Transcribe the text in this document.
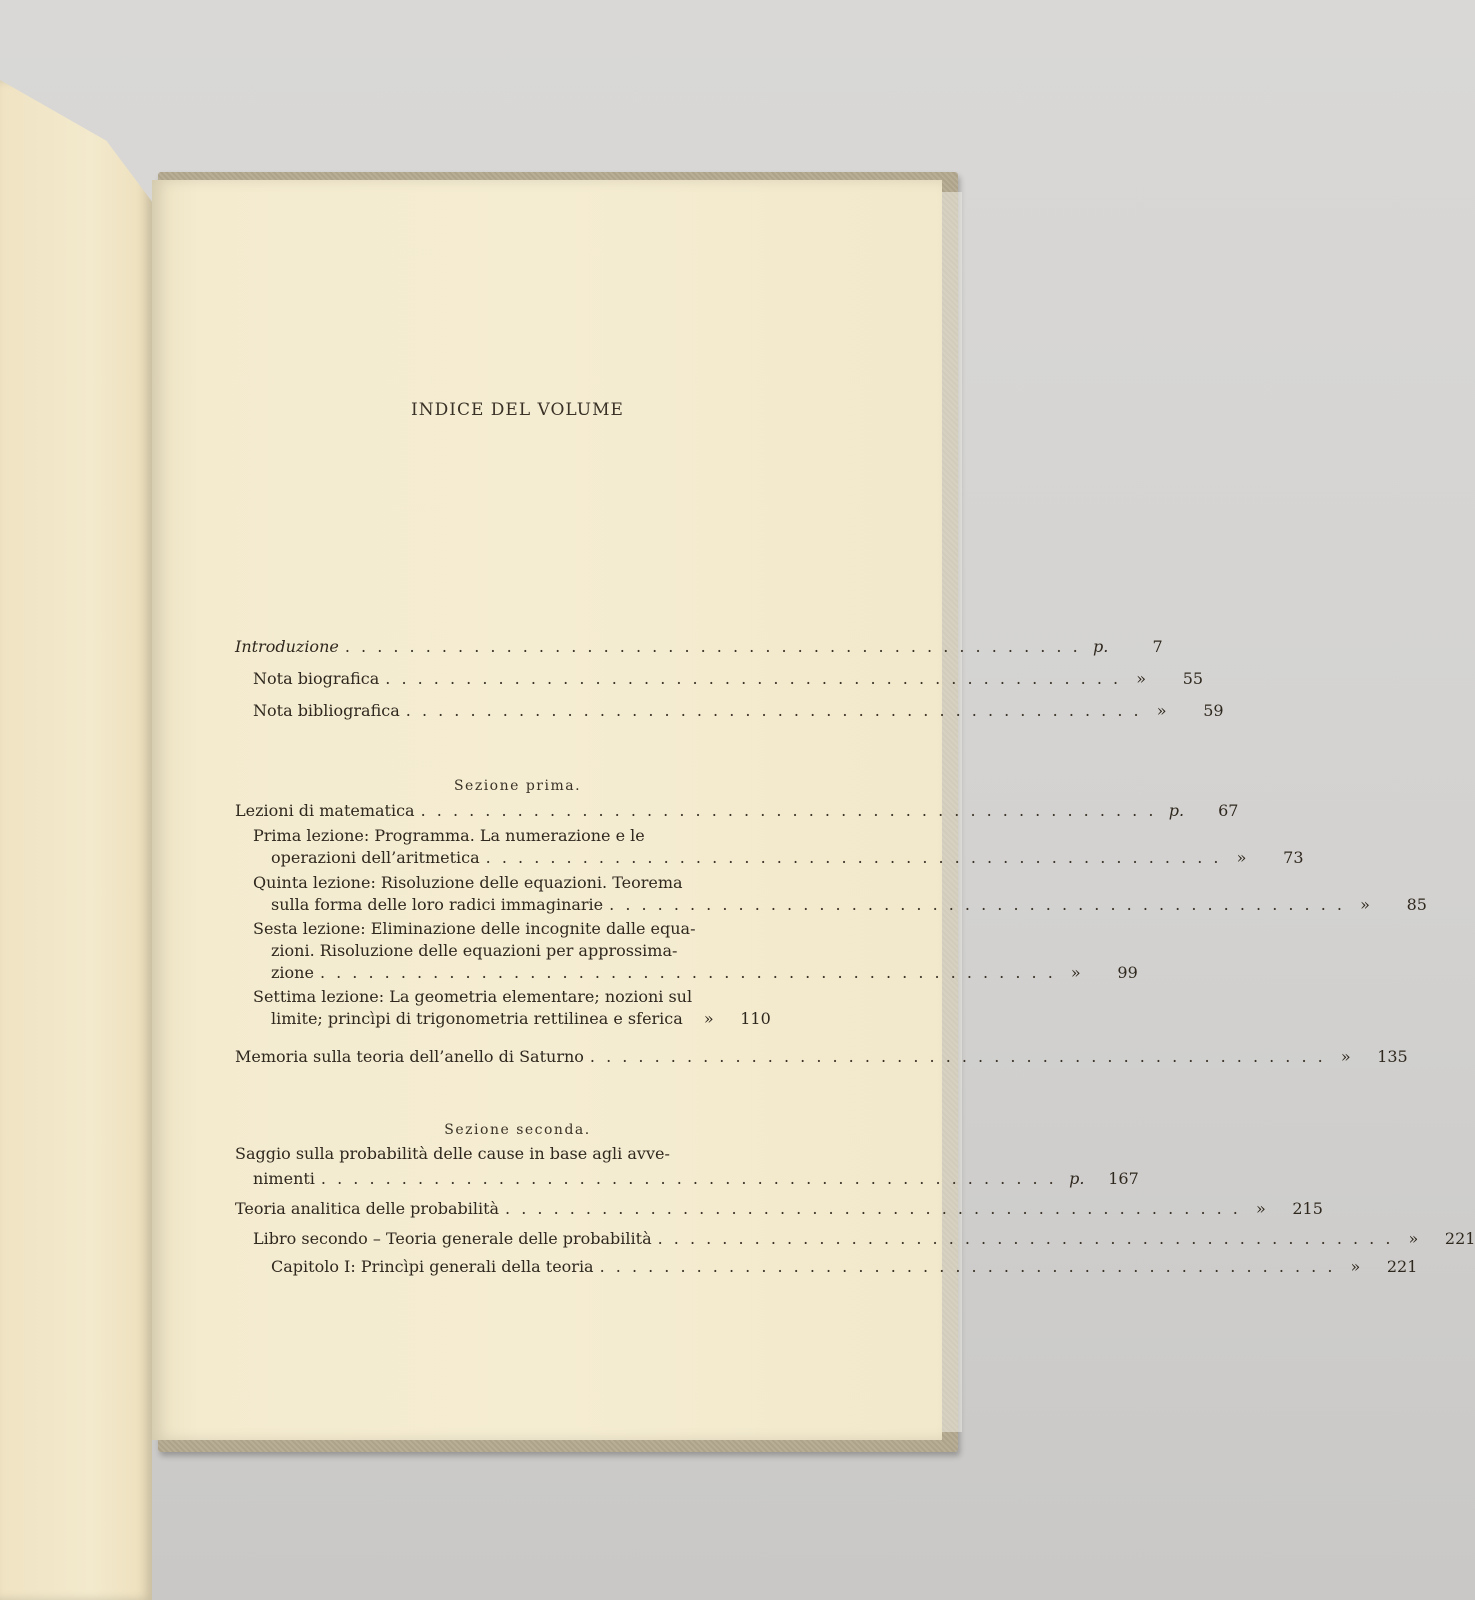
INDICE DEL VOLUME
Introduzione . . . . . . . . . . . . . . . . . . . . . . . . . . . . . . . . . . . . . . . . . . . . . . p.	7
Nota biografica . . . . . . . . . . . . . . . . . . . . . . . . . . . . . . . . . . . . . . . . . . . . . . »	55
Nota bibliografica . . . . . . . . . . . . . . . . . . . . . . . . . . . . . . . . . . . . . . . . . . . . . . »	59
Sezione prima.
Lezioni di matematica . . . . . . . . . . . . . . . . . . . . . . . . . . . . . . . . . . . . . . . . . . . . . . p.	67
Prima lezione: Programma. La numerazione e le
operazioni dell’aritmetica . . . . . . . . . . . . . . . . . . . . . . . . . . . . . . . . . . . . . . . . . . . . . . »	73
Quinta lezione: Risoluzione delle equazioni. Teorema
sulla forma delle loro radici immaginarie . . . . . . . . . . . . . . . . . . . . . . . . . . . . . . . . . . . . . . . . . . . . . . »	85
Sesta lezione: Eliminazione delle incognite dalle equa-
zioni. Risoluzione delle equazioni per approssima-
zione . . . . . . . . . . . . . . . . . . . . . . . . . . . . . . . . . . . . . . . . . . . . . . »	99
Settima lezione: La geometria elementare; nozioni sul
limite; princìpi di trigonometria rettilinea e sferica	»	110
Memoria sulla teoria dell’anello di Saturno . . . . . . . . . . . . . . . . . . . . . . . . . . . . . . . . . . . . . . . . . . . . . . »	135
Sezione seconda.
Saggio sulla probabilità delle cause in base agli avve-
nimenti . . . . . . . . . . . . . . . . . . . . . . . . . . . . . . . . . . . . . . . . . . . . . . p.	167
Teoria analitica delle probabilità . . . . . . . . . . . . . . . . . . . . . . . . . . . . . . . . . . . . . . . . . . . . . . »	215
Libro secondo – Teoria generale delle probabilità . . . . . . . . . . . . . . . . . . . . . . . . . . . . . . . . . . . . . . . . . . . . . . »	221
Capitolo I: Princìpi generali della teoria . . . . . . . . . . . . . . . . . . . . . . . . . . . . . . . . . . . . . . . . . . . . . . »	221
